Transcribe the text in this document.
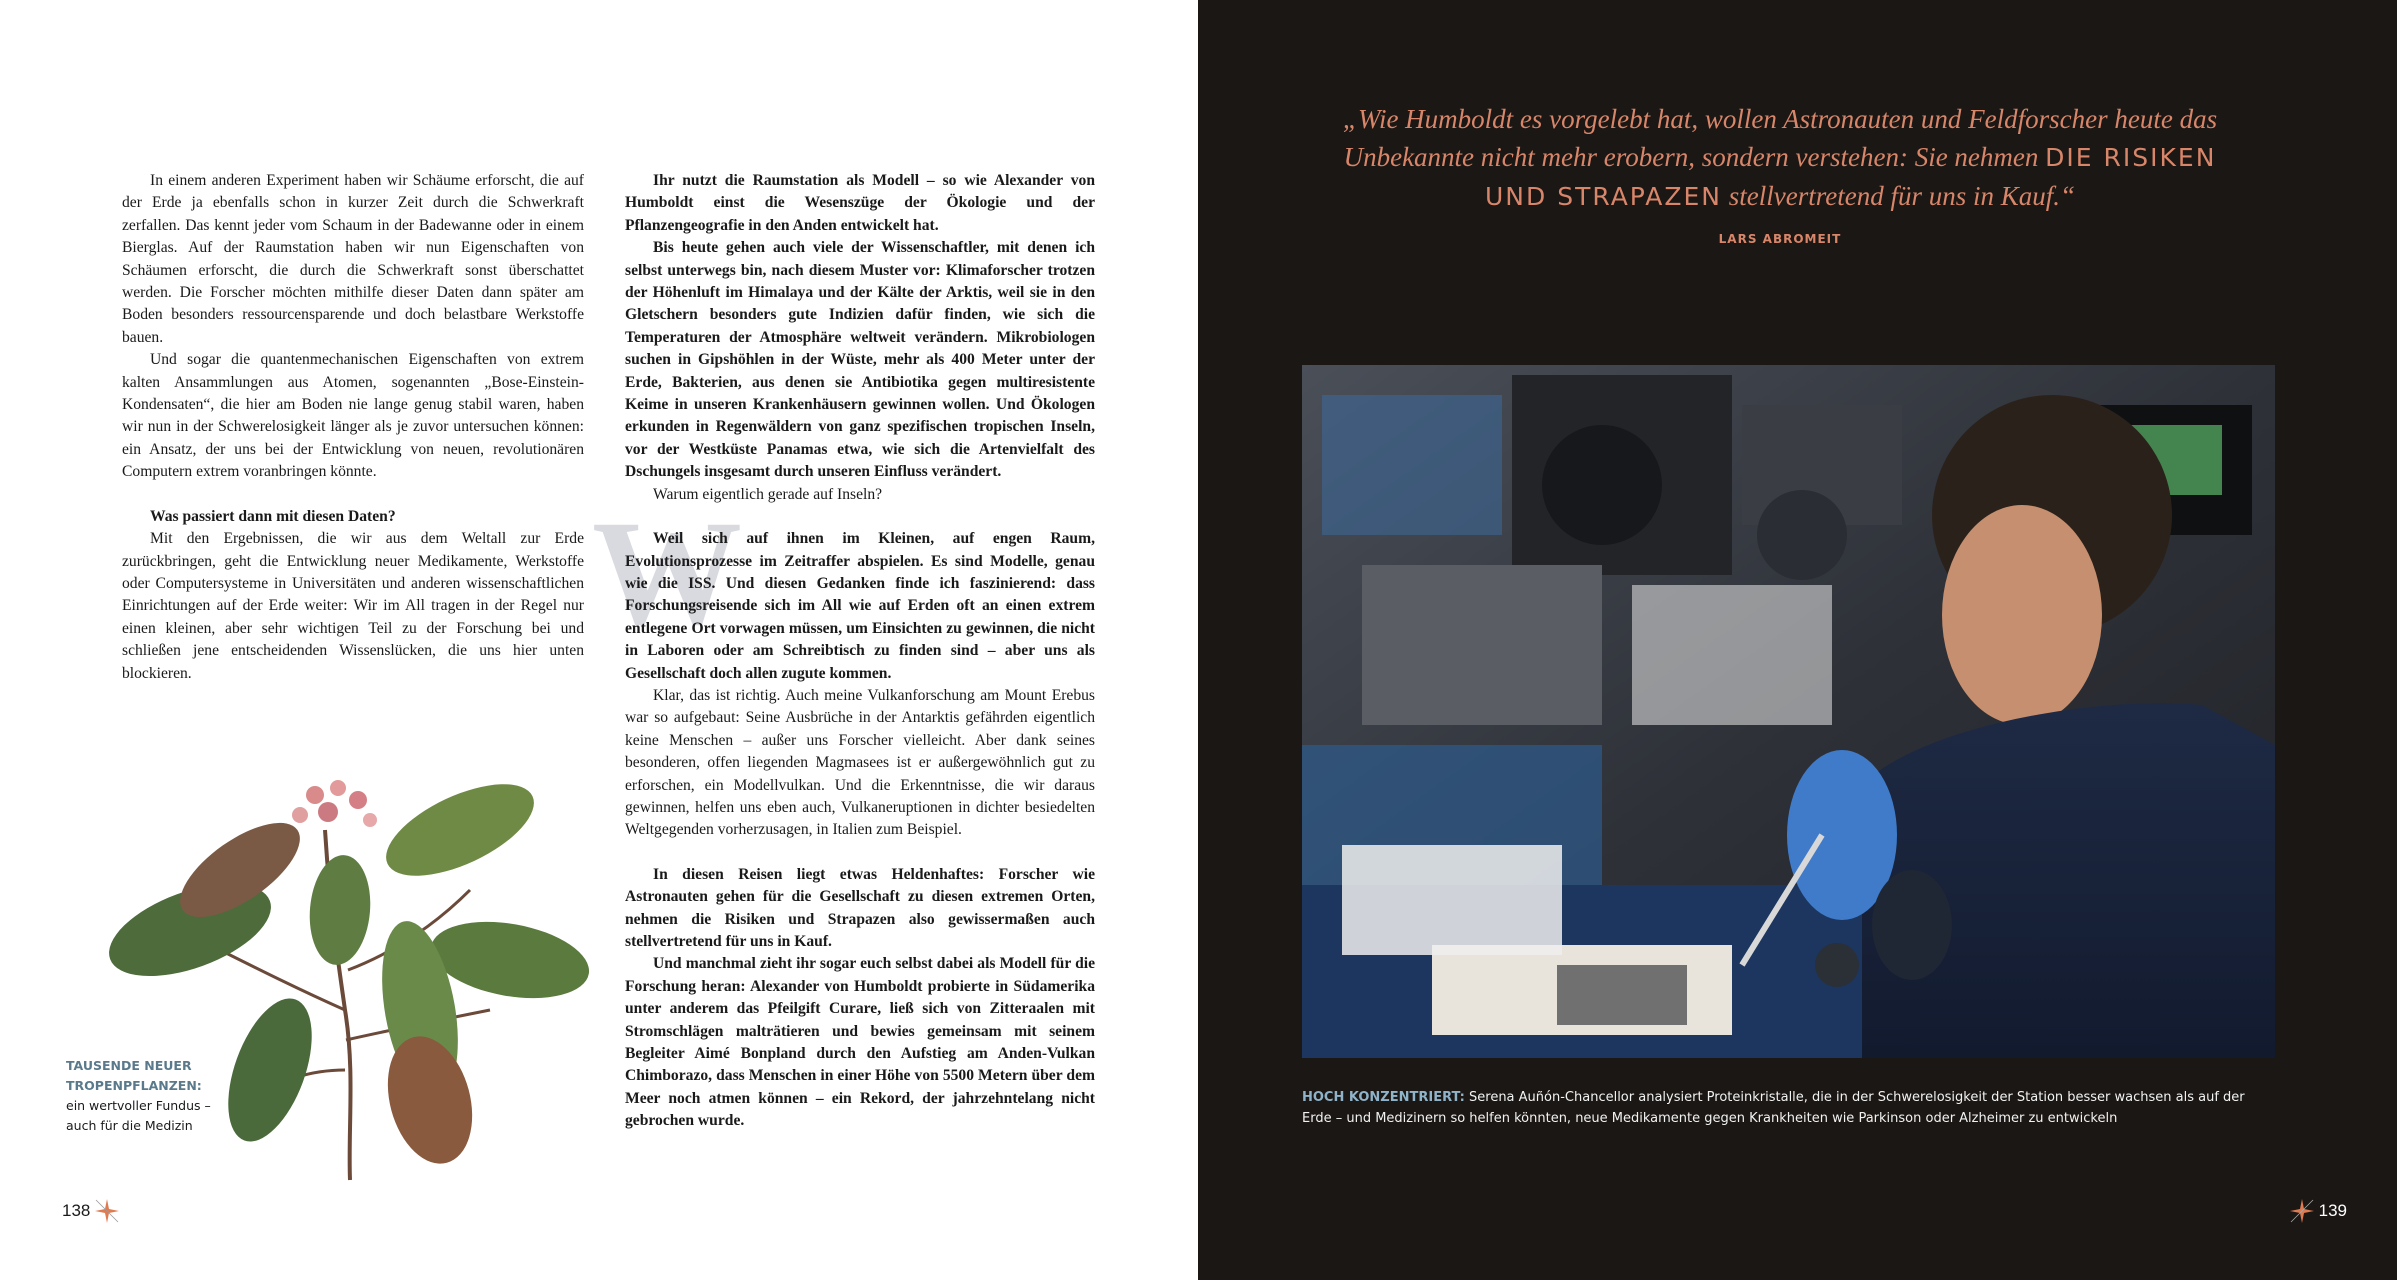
In einem anderen Experiment haben wir Schäume erforscht, die auf der Erde ja ebenfalls schon in kurzer Zeit durch die Schwerkraft zerfallen. Das kennt jeder vom Schaum in der Badewanne oder in einem Bierglas. Auf der Raumstation haben wir nun Eigenschaften von Schäumen erforscht, die durch die Schwerkraft sonst überschattet werden. Die Forscher möchten mithilfe dieser Daten dann später am Boden besonders ressourcensparende und doch belastbare Werkstoffe bauen.

Und sogar die quantenmechanischen Eigenschaften von extrem kalten Ansammlungen aus Atomen, sogenannten „Bose-Einstein-Kondensaten“, die hier am Boden nie lange genug stabil waren, haben wir nun in der Schwerelosigkeit länger als je zuvor untersuchen können: ein Ansatz, der uns bei der Entwicklung von neuen, revolutionären Computern extrem voranbringen könnte.

Was passiert dann mit diesen Daten?

Mit den Ergebnissen, die wir aus dem Weltall zur Erde zurückbringen, geht die Entwicklung neuer Medikamente, Werkstoffe oder Computersysteme in Universitäten und anderen wissenschaftlichen Einrichtungen auf der Erde weiter: Wir im All tragen in der Regel nur einen kleinen, aber sehr wichtigen Teil zu der Forschung bei und schließen jene entscheidenden Wissenslücken, die uns hier unten blockieren.

W

Ihr nutzt die Raumstation als Modell – so wie Alexander von Humboldt einst die Wesenszüge der Ökologie und der Pflanzengeografie in den Anden entwickelt hat.

Bis heute gehen auch viele der Wissenschaftler, mit denen ich selbst unterwegs bin, nach diesem Muster vor: Klimaforscher trotzen der Höhenluft im Himalaya und der Kälte der Arktis, weil sie in den Gletschern besonders gute Indizien dafür finden, wie sich die Temperaturen der Atmosphäre weltweit verändern. Mikrobiologen suchen in Gipshöhlen in der Wüste, mehr als 400 Meter unter der Erde, Bakterien, aus denen sie Antibiotika gegen multiresistente Keime in unseren Krankenhäusern gewinnen wollen. Und Ökologen erkunden in Regenwäldern von ganz spezifischen tropischen Inseln, vor der Westküste Panamas etwa, wie sich die Artenvielfalt des Dschungels insgesamt durch unseren Einfluss verändert.

Warum eigentlich gerade auf Inseln?

Weil sich auf ihnen im Kleinen, auf engen Raum, Evolutionsprozesse im Zeitraffer abspielen. Es sind Modelle, genau wie die ISS. Und diesen Gedanken finde ich faszinierend: dass Forschungsreisende sich im All wie auf Erden oft an einen extrem entlegene Ort vorwagen müssen, um Einsichten zu gewinnen, die nicht in Laboren oder am Schreibtisch zu finden sind – aber uns als Gesellschaft doch allen zugute kommen.

Klar, das ist richtig. Auch meine Vulkanforschung am Mount Erebus war so aufgebaut: Seine Ausbrüche in der Antarktis gefährden eigentlich keine Menschen – außer uns Forscher vielleicht. Aber dank seines besonderen, offen liegenden Magmasees ist er außergewöhnlich gut zu erforschen, ein Modellvulkan. Und die Erkenntnisse, die wir daraus gewinnen, helfen uns eben auch, Vulkaneruptionen in dichter besiedelten Weltgegenden vorherzusagen, in Italien zum Beispiel.

In diesen Reisen liegt etwas Heldenhaftes: Forscher wie Astronauten gehen für die Gesellschaft zu diesen extremen Orten, nehmen die Risiken und Strapazen also gewissermaßen auch stellvertretend für uns in Kauf.

Und manchmal zieht ihr sogar euch selbst dabei als Modell für die Forschung heran: Alexander von Humboldt probierte in Südamerika unter anderem das Pfeilgift Curare, ließ sich von Zitteraalen mit Stromschlägen malträtieren und bewies gemeinsam mit seinem Begleiter Aimé Bonpland durch den Aufstieg am Anden-Vulkan Chimborazo, dass Menschen in einer Höhe von 5500 Metern über dem Meer noch atmen können – ein Rekord, der jahrzehntelang nicht gebrochen wurde.

TAUSENDE NEUER TROPENPFLANZEN:
ein wertvoller Fundus – auch für die Medizin
138
„Wie Humboldt es vorgelebt hat, wollen Astronauten und Feldforscher heute das Unbekannte nicht mehr erobern, sondern verstehen: Sie nehmen DIE RISIKEN UND STRAPAZEN stellvertretend für uns in Kauf.“
LARS ABROMEIT
HOCH KONZENTRIERT: Serena Auñón-Chancellor analysiert Proteinkristalle, die in der Schwerelosigkeit der Station besser wachsen als auf der Erde – und Medizinern so helfen könnten, neue Medikamente gegen Krankheiten wie Parkinson oder Alzheimer zu entwickeln
139
